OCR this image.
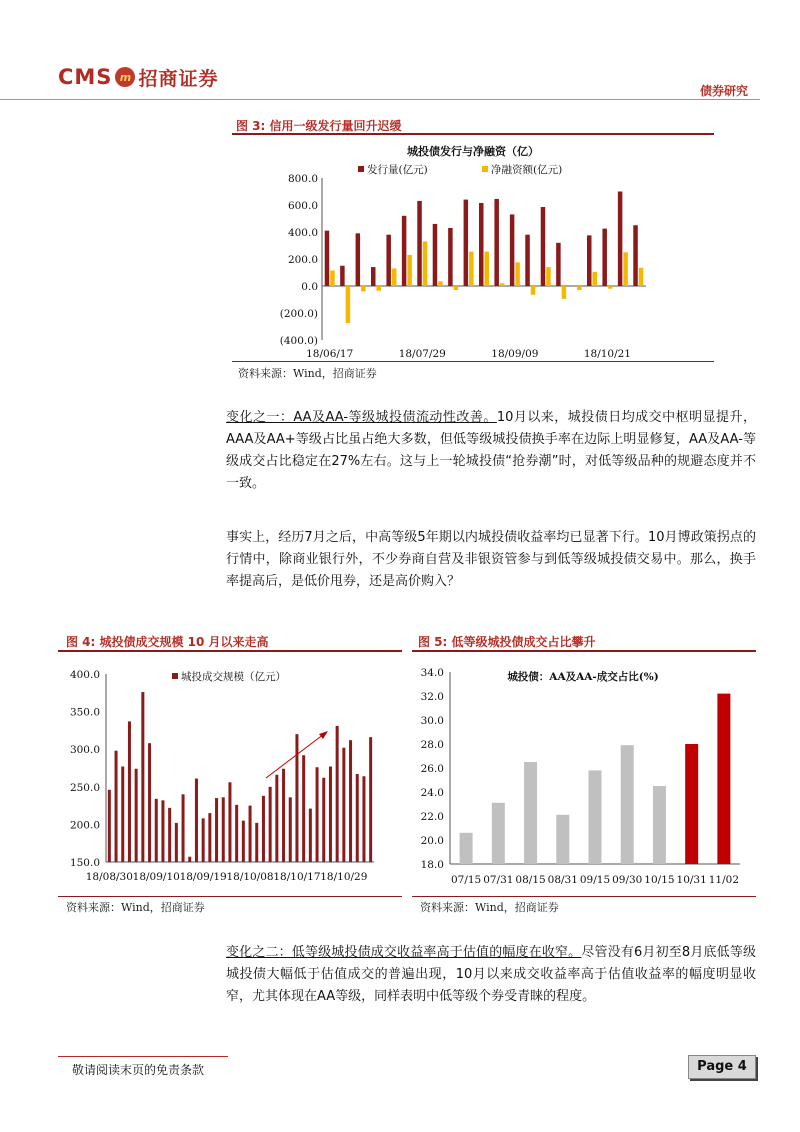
CMS m 招商证券
债券研究
图 3: 信用一级发行量回升迟缓
城投债发行与净融资（亿）
发行量(亿元)	净融资额(亿元)
800.0
600.0
400.0
200.0
0.0
(200.0)
(400.0)
18/06/17	18/07/29	18/09/09	18/10/21
资料来源：Wind，招商证券
变化之一：AA及AA-等级城投债流动性改善。10月以来，城投债日均成交中枢明显提升，AAA及AA+等级占比虽占绝大多数，但低等级城投债换手率在边际上明显修复，AA及AA-等级成交占比稳定在27%左右。这与上一轮城投债“抢券潮”时，对低等级品种的规避态度并不一致。
事实上，经历7月之后，中高等级5年期以内城投债收益率均已显著下行。10月博政策拐点的行情中，除商业银行外，不少券商自营及非银资管参与到低等级城投债交易中。那么，换手率提高后，是低价甩券，还是高价购入？
图 4: 城投债成交规模 10 月以来走高
城投成交规模（亿元）
400.0
350.0
300.0
250.0
200.0
150.0
18/08/30 18/09/10 18/09/19 18/10/08 18/10/17 18/10/29
资料来源：Wind，招商证券
图 5: 低等级城投债成交占比攀升
城投债：AA及AA-成交占比(%)
34.0
32.0
30.0
28.0
26.0
24.0
22.0
20.0
18.0
07/15 07/31 08/15 08/31 09/15 09/30 10/15 10/31 11/02
资料来源：Wind，招商证券
变化之二：低等级城投债成交收益率高于估值的幅度在收窄。尽管没有6月初至8月底低等级城投债大幅低于估值成交的普遍出现，10月以来成交收益率高于估值收益率的幅度明显收窄，尤其体现在AA等级，同样表明中低等级个券受青睐的程度。
敬请阅读末页的免责条款	Page 4
